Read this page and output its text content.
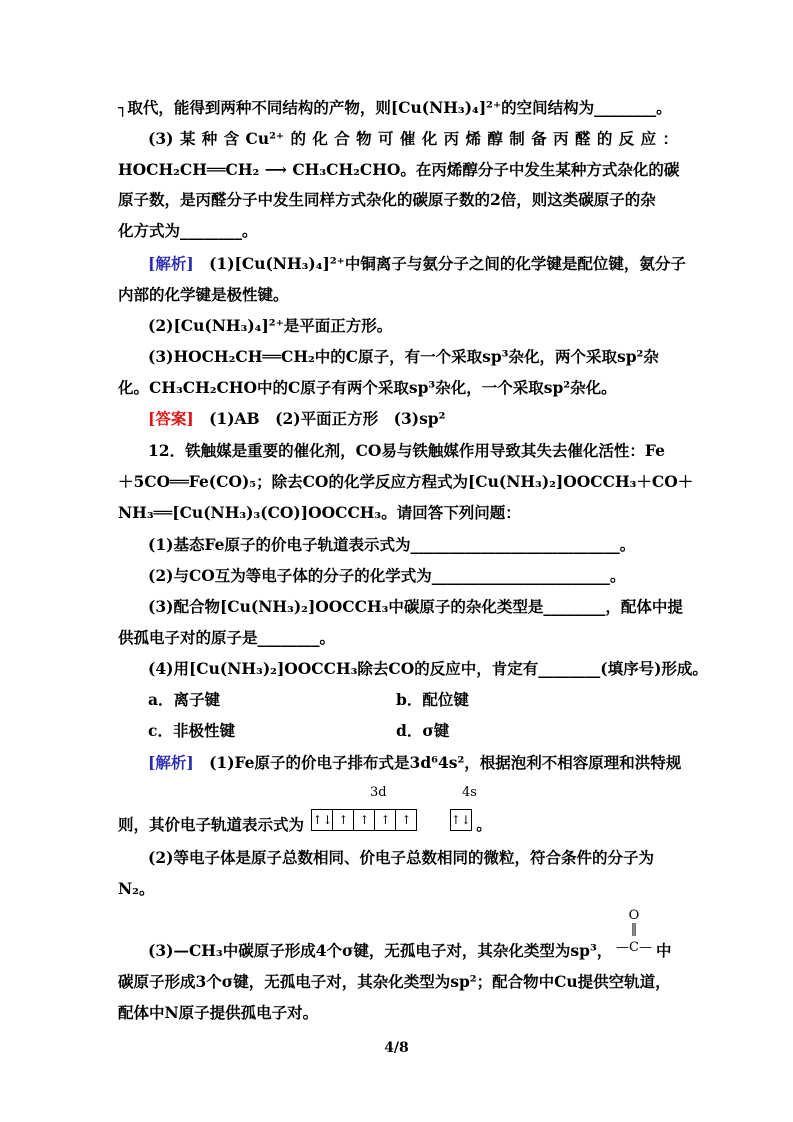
┐取代，能得到两种不同结构的产物，则[Cu(NH₃)₄]²⁺的空间结构为________。
(3)某种含Cu²⁺的化合物可催化丙烯醇制备丙醛的反应：
HOCH₂CH══CH₂ ⟶ CH₃CH₂CHO。在丙烯醇分子中发生某种方式杂化的碳
原子数，是丙醛分子中发生同样方式杂化的碳原子数的2倍，则这类碳原子的杂
化方式为________。
[解析] (1)[Cu(NH₃)₄]²⁺中铜离子与氨分子之间的化学键是配位键，氨分子
内部的化学键是极性键。
(2)[Cu(NH₃)₄]²⁺是平面正方形。
(3)HOCH₂CH══CH₂中的C原子，有一个采取sp³杂化，两个采取sp²杂
化。CH₃CH₂CHO中的C原子有两个采取sp³杂化，一个采取sp²杂化。
[答案] (1)AB　(2)平面正方形　(3)sp²
12．铁触媒是重要的催化剂，CO易与铁触媒作用导致其失去催化活性：Fe
＋5CO══Fe(CO)₅；除去CO的化学反应方程式为[Cu(NH₃)₂]OOCCH₃＋CO＋
NH₃══[Cu(NH₃)₃(CO)]OOCCH₃。请回答下列问题：
(1)基态Fe原子的价电子轨道表示式为___________________________。
(2)与CO互为等电子体的分子的化学式为_______________________。
(3)配合物[Cu(NH₃)₂]OOCCH₃中碳原子的杂化类型是________，配体中提
供孤电子对的原子是________。
(4)用[Cu(NH₃)₂]OOCCH₃除去CO的反应中，肯定有________(填序号)形成。
a．离子键	b．配位键
c．非极性键	d．σ键
[解析] (1)Fe原子的价电子排布式是3d⁶4s²，根据泡利不相容原理和洪特规
3d	4s
则，其价电子轨道表示式为 ↑↓ ↑ ↑ ↑ ↑	↑↓ 。
(2)等电子体是原子总数相同、价电子总数相同的微粒，符合条件的分子为
N₂。
O
‖
—C—
(3)—CH₃中碳原子形成4个σ键，无孤电子对，其杂化类型为sp³，	中
碳原子形成3个σ键，无孤电子对，其杂化类型为sp²；配合物中Cu提供空轨道，
配体中N原子提供孤电子对。
4/8
